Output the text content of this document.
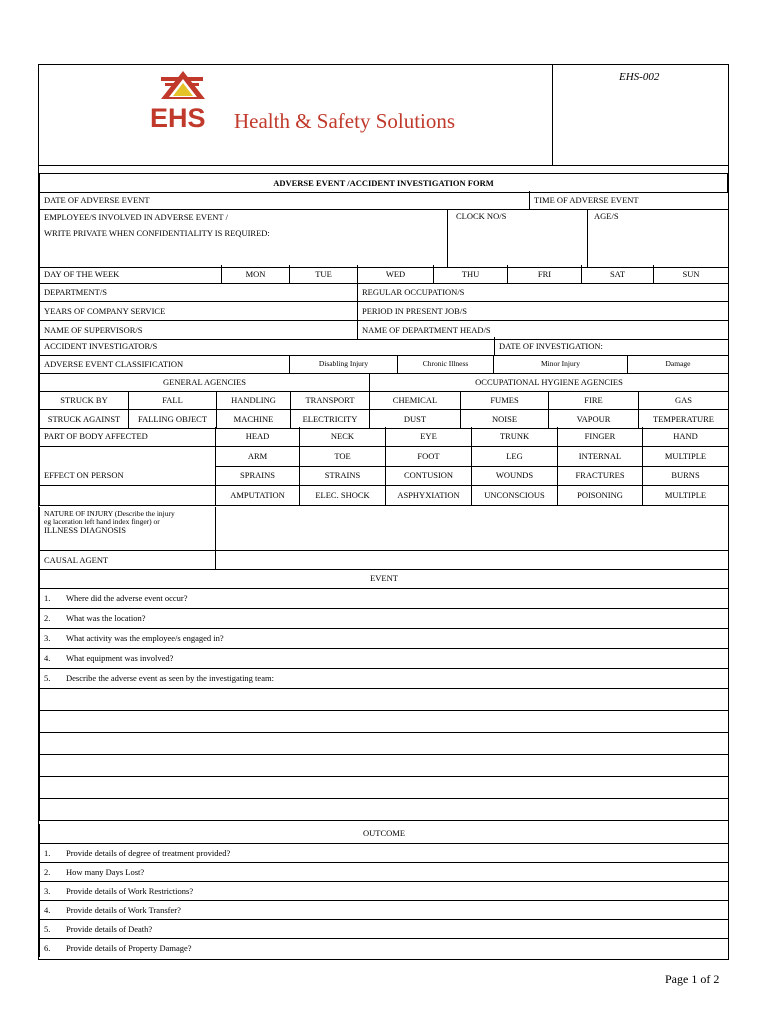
EHS Health & Safety Solutions
EHS-002
ADVERSE EVENT /ACCIDENT INVESTIGATION FORM
DATE OF ADVERSE EVENT	TIME OF ADVERSE EVENT
EMPLOYEE/S INVOLVED IN ADVERSE EVENT /
WRITE PRIVATE WHEN CONFIDENTIALITY IS REQUIRED:
	CLOCK NO/S	AGE/S
DAY OF THE WEEK	MON	TUE	WED	THU	FRI	SAT	SUN
DEPARTMENT/S	REGULAR OCCUPATION/S
YEARS OF COMPANY SERVICE	PERIOD IN PRESENT JOB/S
NAME OF SUPERVISOR/S	NAME OF DEPARTMENT HEAD/S
ACCIDENT INVESTIGATOR/S	DATE OF INVESTIGATION:
ADVERSE EVENT CLASSIFICATION	Disabling Injury	Chronic Illness	Minor Injury	Damage
GENERAL AGENCIES	OCCUPATIONAL HYGIENE AGENCIES
STRUCK BY	FALL	HANDLING	TRANSPORT	CHEMICAL	FUMES	FIRE	GAS
STRUCK AGAINST	FALLING OBJECT	MACHINE	ELECTRICITY	DUST	NOISE	VAPOUR	TEMPERATURE
PART OF BODY AFFECTED	HEAD	NECK	EYE	TRUNK	FINGER	HAND
	ARM	TOE	FOOT	LEG	INTERNAL	MULTIPLE
EFFECT ON PERSON	SPRAINS	STRAINS	CONTUSION	WOUNDS	FRACTURES	BURNS
	AMPUTATION	ELEC. SHOCK	ASPHYXIATION	UNCONSCIOUS	POISONING	MULTIPLE
NATURE OF INJURY (Describe the injury
eg laceration left hand index finger) or
ILLNESS DIAGNOSIS	

CAUSAL AGENT	
EVENT
1. Where did the adverse event occur?
2. What was the location?
3. What activity was the employee/s engaged in?
4. What equipment was involved?
5. Describe the adverse event as seen by the investigating team:

OUTCOME
1. Provide details of degree of treatment provided?
2. How many Days Lost?
3. Provide details of Work Restrictions?
4. Provide details of Work Transfer?
5. Provide details of Death?
6. Provide details of Property Damage?
Page 1 of 2
